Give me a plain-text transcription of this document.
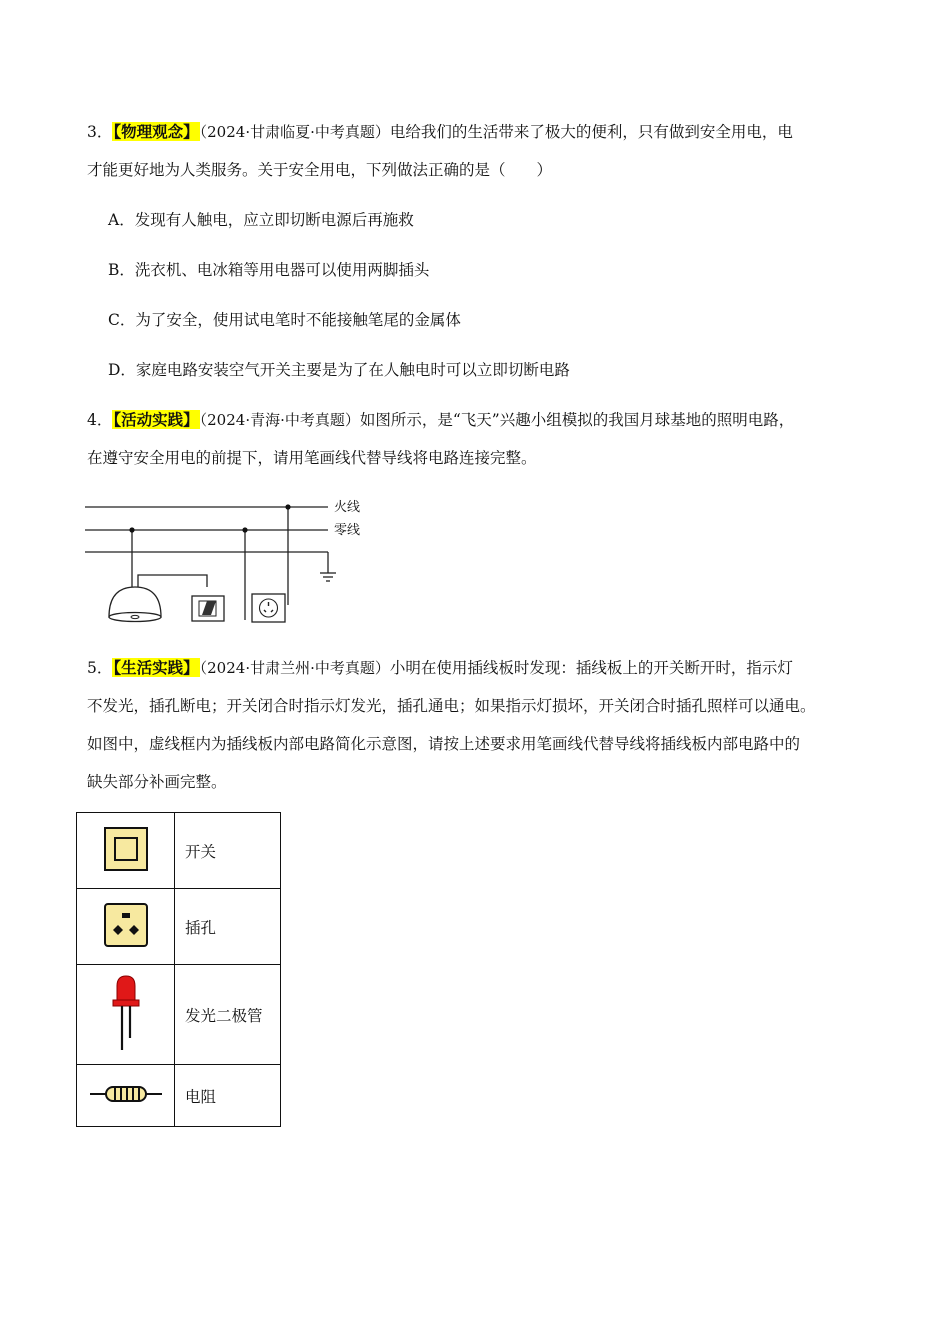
3．【物理观念】（2024·甘肃临夏·中考真题）电给我们的生活带来了极大的便利，只有做到安全用电，电
才能更好地为人类服务。关于安全用电，下列做法正确的是（　　）
A．发现有人触电，应立即切断电源后再施救
B．洗衣机、电冰箱等用电器可以使用两脚插头
C．为了安全，使用试电笔时不能接触笔尾的金属体
D．家庭电路安装空气开关主要是为了在人触电时可以立即切断电路
4．【活动实践】（2024·青海·中考真题）如图所示，是“飞天”兴趣小组模拟的我国月球基地的照明电路，
在遵守安全用电的前提下，请用笔画线代替导线将电路连接完整。
火线
零线
5．【生活实践】（2024·甘肃兰州·中考真题）小明在使用插线板时发现：插线板上的开关断开时，指示灯
不发光，插孔断电；开关闭合时指示灯发光，插孔通电；如果指示灯损坏，开关闭合时插孔照样可以通电。
如图中，虚线框内为插线板内部电路简化示意图，请按上述要求用笔画线代替导线将插线板内部电路中的
缺失部分补画完整。
	开关
	插孔
	发光二极管
	电阻
